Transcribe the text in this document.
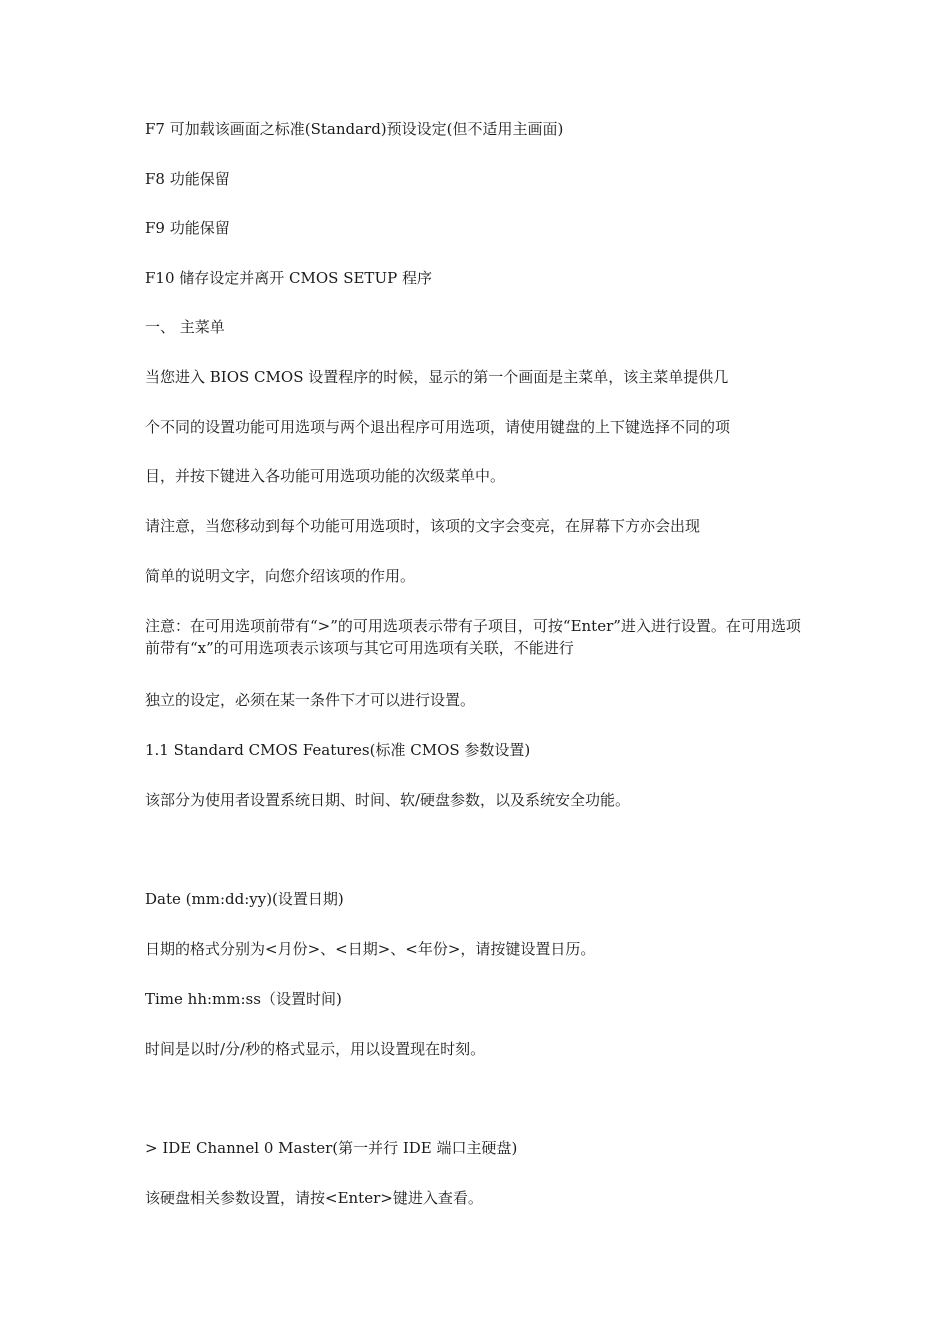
F7 可加载该画面之标准(Standard)预设设定(但不适用主画面)
F8 功能保留
F9 功能保留
F10 储存设定并离开 CMOS SETUP 程序
一、 主菜单
当您进入 BIOS CMOS 设置程序的时候，显示的第一个画面是主菜单，该主菜单提供几
个不同的设置功能可用选项与两个退出程序可用选项，请使用键盘的上下键选择不同的项
目，并按下键进入各功能可用选项功能的次级菜单中。
请注意，当您移动到每个功能可用选项时，该项的文字会变亮，在屏幕下方亦会出现
简单的说明文字，向您介绍该项的作用。
注意：在可用选项前带有“>”的可用选项表示带有子项目，可按“Enter”进入进行设置。在可用选项前带有“x”的可用选项表示该项与其它可用选项有关联，不能进行
独立的设定，必须在某一条件下才可以进行设置。
1.1 Standard CMOS Features(标准 CMOS 参数设置)
该部分为使用者设置系统日期、时间、软/硬盘参数，以及系统安全功能。
Date (mm:dd:yy)(设置日期)
日期的格式分别为<月份>、<日期>、<年份>，请按键设置日历。
Time hh:mm:ss（设置时间)
时间是以时/分/秒的格式显示，用以设置现在时刻。
> IDE Channel 0 Master(第一并行 IDE 端口主硬盘)
该硬盘相关参数设置，请按<Enter>键进入查看。
